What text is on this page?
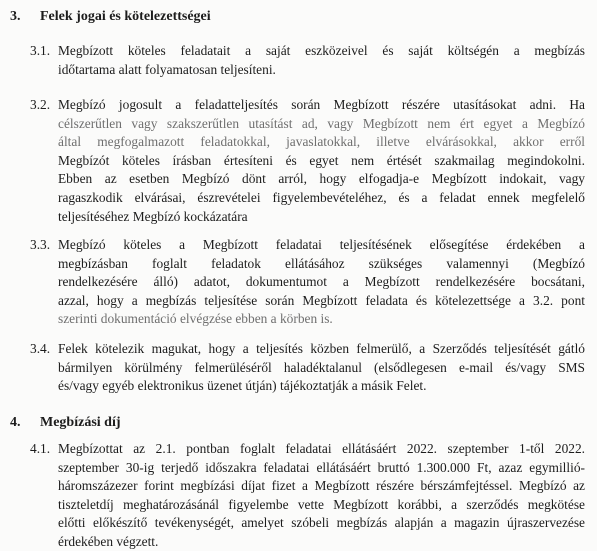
3.	Felek jogai és kötelezettségei
3.1. Megbízott köteles feladatait a saját eszközeivel és saját költségén a megbízás
időtartama alatt folyamatosan teljesíteni.
3.2. Megbízó jogosult a feladatteljesítés során Megbízott részére utasításokat adni. Ha
célszerűtlen vagy szakszerűtlen utasítást ad, vagy Megbízott nem ért egyet a Megbízó
által megfogalmazott feladatokkal, javaslatokkal, illetve elvárásokkal, akkor erről
Megbízót köteles írásban értesíteni és egyet nem értését szakmailag megindokolni.
Ebben az esetben Megbízó dönt arról, hogy elfogadja-e Megbízott indokait, vagy
ragaszkodik elvárásai, észrevételei figyelembevételéhez, és a feladat ennek megfelelő
teljesítéséhez Megbízó kockázatára
3.3. Megbízó köteles a Megbízott feladatai teljesítésének elősegítése érdekében a
megbízásban foglalt feladatok ellátásához szükséges valamennyi (Megbízó
rendelkezésére álló) adatot, dokumentumot a Megbízott rendelkezésére bocsátani,
azzal, hogy a megbízás teljesítése során Megbízott feladata és kötelezettsége a 3.2. pont
szerinti dokumentáció elvégzése ebben a körben is.
3.4. Felek kötelezik magukat, hogy a teljesítés közben felmerülő, a Szerződés teljesítését gátló
bármilyen körülmény felmerüléséről haladéktalanul (elsődlegesen e-mail és/vagy SMS
és/vagy egyéb elektronikus üzenet útján) tájékoztatják a másik Felet.
4.	Megbízási díj
4.1. Megbízottat az 2.1. pontban foglalt feladatai ellátásáért 2022. szeptember 1-től 2022.
szeptember 30-ig terjedő időszakra feladatai ellátásáért bruttó 1.300.000 Ft, azaz egymillió-
háromszázezer forint megbízási díjat fizet a Megbízott részére bérszámfejtéssel. Megbízó az
tiszteletdíj meghatározásánál figyelembe vette Megbízott korábbi, a szerződés megkötése
előtti előkészítő tevékenységét, amelyet szóbeli megbízás alapján a magazin újraszervezése
érdekében végzett.
